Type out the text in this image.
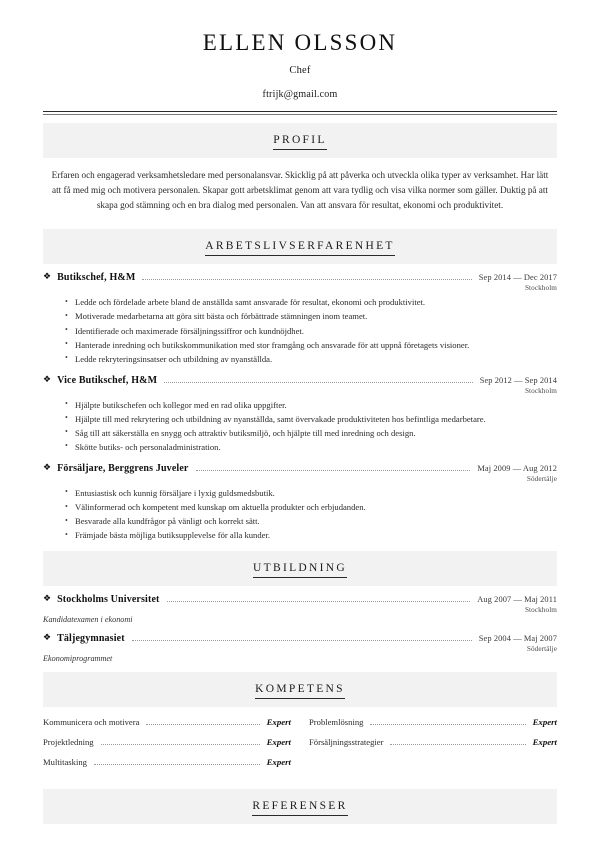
ELLEN OLSSON
Chef
ftrijk@gmail.com
PROFIL

Erfaren och engagerad verksamhetsledare med personalansvar. Skicklig på att påverka och utveckla olika typer av verksamhet. Har lätt att få med mig och motivera personalen. Skapar gott arbetsklimat genom att vara tydlig och visa vilka normer som gäller. Duktig på att skapa god stämning och en bra dialog med personalen. Van att ansvara för resultat, ekonomi och produktivitet.

ARBETSLIVSERFARENHET
❖ Butikschef, H&M	Sep 2014 — Dec 2017
Stockholm
• Ledde och fördelade arbete bland de anställda samt ansvarade för resultat, ekonomi och produktivitet.
• Motiverade medarbetarna att göra sitt bästa och förbättrade stämningen inom teamet.
• Identifierade och maximerade försäljningssiffror och kundnöjdhet.
• Hanterade inredning och butikskommunikation med stor framgång och ansvarade för att uppnå företagets visioner.
• Ledde rekryteringsinsatser och utbildning av nyanställda.
❖ Vice Butikschef, H&M	Sep 2012 — Sep 2014
Stockholm
• Hjälpte butikschefen och kollegor med en rad olika uppgifter.
• Hjälpte till med rekrytering och utbildning av nyanställda, samt övervakade produktiviteten hos befintliga medarbetare.
• Såg till att säkerställa en snygg och attraktiv butiksmiljö, och hjälpte till med inredning och design.
• Skötte butiks- och personaladministration.
❖ Försäljare, Berggrens Juveler	Maj 2009 — Aug 2012
Södertälje
• Entusiastisk och kunnig försäljare i lyxig guldsmedsbutik.
• Välinformerad och kompetent med kunskap om aktuella produkter och erbjudanden.
• Besvarade alla kundfrågor på vänligt och korrekt sätt.
• Främjade bästa möjliga butiksupplevelse för alla kunder.
UTBILDNING
❖ Stockholms Universitet	Aug 2007 — Maj 2011
Stockholm
Kandidatexamen i ekonomi
❖ Täljegymnasiet	Sep 2004 — Maj 2007
Södertälje
Ekonomiprogrammet
KOMPETENS
Kommunicera och motivera	Expert
Projektledning	Expert
Multitasking	Expert
Problemlösning	Expert
Försäljningsstrategier	Expert
REFERENSER
